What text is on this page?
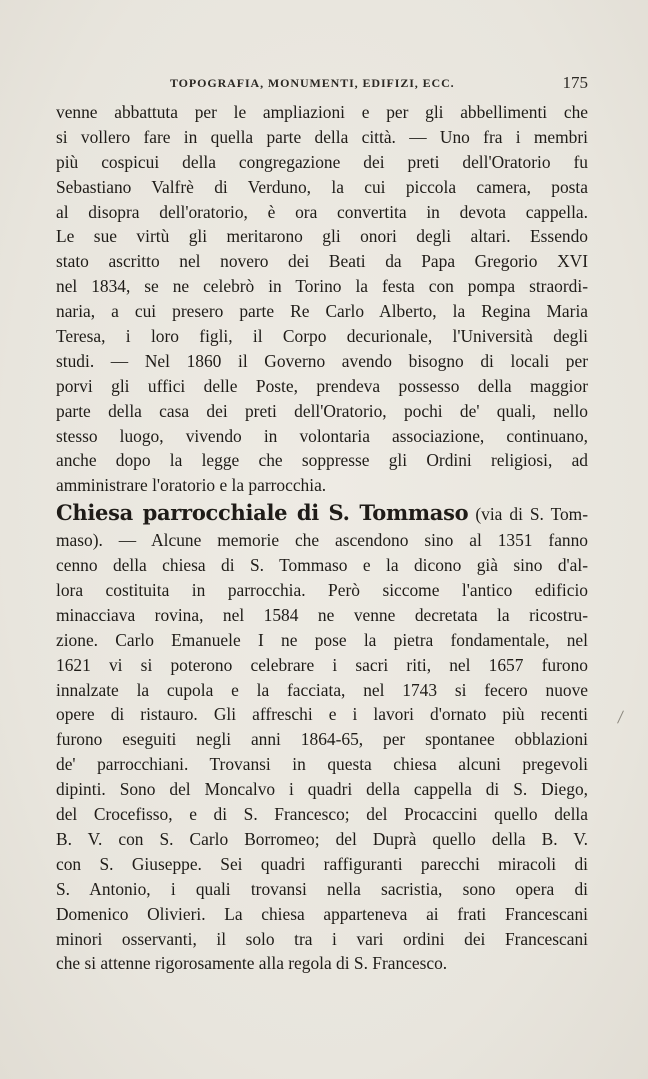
TOPOGRAFIA, MONUMENTI, EDIFIZI, ECC.	175
venne abbattuta per le ampliazioni e per gli abbellimenti che
si vollero fare in quella parte della città. — Uno fra i membri
più cospicui della congregazione dei preti dell'Oratorio fu
Sebastiano Valfrè di Verduno, la cui piccola camera, posta
al disopra dell'oratorio, è ora convertita in devota cappella.
Le sue virtù gli meritarono gli onori degli altari. Essendo
stato ascritto nel novero dei Beati da Papa Gregorio XVI
nel 1834, se ne celebrò in Torino la festa con pompa straordi-
naria, a cui presero parte Re Carlo Alberto, la Regina Maria
Teresa, i loro figli, il Corpo decurionale, l'Università degli
studi. — Nel 1860 il Governo avendo bisogno di locali per
porvi gli uffici delle Poste, prendeva possesso della maggior
parte della casa dei preti dell'Oratorio, pochi de' quali, nello
stesso luogo, vivendo in volontaria associazione, continuano,
anche dopo la legge che soppresse gli Ordini religiosi, ad
amministrare l'oratorio e la parrocchia.
Chiesa parrocchiale di S. Tommaso (via di S. Tom-
maso). — Alcune memorie che ascendono sino al 1351 fanno
cenno della chiesa di S. Tommaso e la dicono già sino d'al-
lora costituita in parrocchia. Però siccome l'antico edificio
minacciava rovina, nel 1584 ne venne decretata la ricostru-
zione. Carlo Emanuele I ne pose la pietra fondamentale, nel
1621 vi si poterono celebrare i sacri riti, nel 1657 furono
innalzate la cupola e la facciata, nel 1743 si fecero nuove
opere di ristauro. Gli affreschi e i lavori d'ornato più recenti
furono eseguiti negli anni 1864-65, per spontanee obblazioni
de' parrocchiani. Trovansi in questa chiesa alcuni pregevoli
dipinti. Sono del Moncalvo i quadri della cappella di S. Diego,
del Crocefisso, e di S. Francesco; del Procaccini quello della
B. V. con S. Carlo Borromeo; del Duprà quello della B. V.
con S. Giuseppe. Sei quadri raffiguranti parecchi miracoli di
S. Antonio, i quali trovansi nella sacristia, sono opera di
Domenico Olivieri. La chiesa apparteneva ai frati Francescani
minori osservanti, il solo tra i vari ordini dei Francescani
che si attenne rigorosamente alla regola di S. Francesco.
